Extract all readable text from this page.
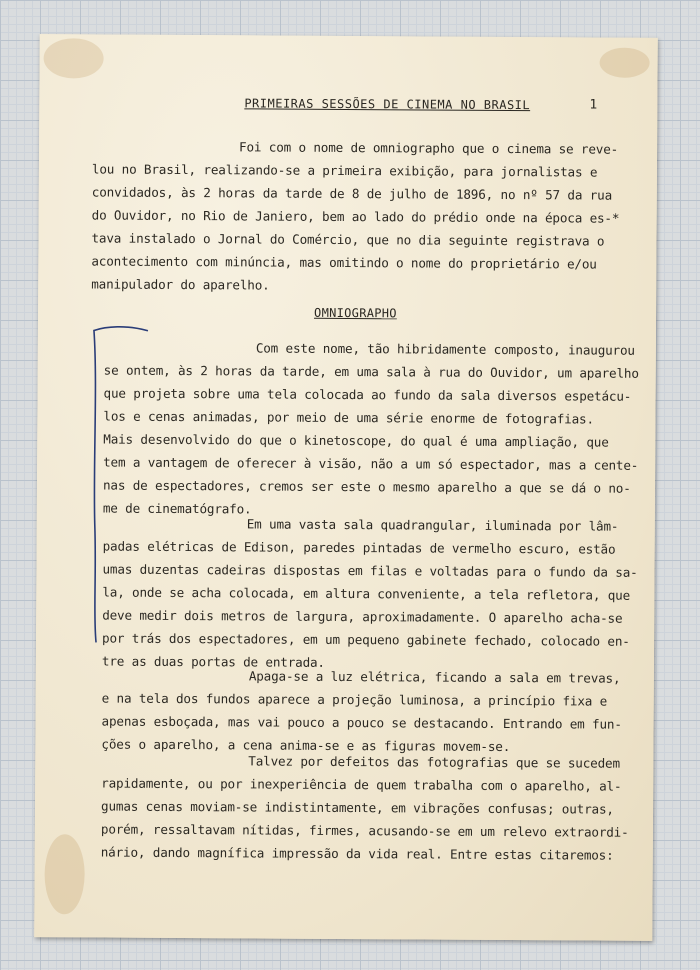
PRIMEIRAS SESSÕES DE CINEMA NO BRASIL	1
Foi com o nome de omniographo que o cinema se reve-
lou no Brasil, realizando-se a primeira exibição, para jornalistas e
convidados, às 2 horas da tarde de 8 de julho de 1896, no nº 57 da rua
do Ouvidor, no Rio de Janiero, bem ao lado do prédio onde na época es-*
tava instalado o Jornal do Comércio, que no dia seguinte registrava o
acontecimento com minúncia, mas omitindo o nome do proprietário e/ou
manipulador do aparelho.
OMNIOGRAPHO
Com este nome, tão hibridamente composto, inaugurou
se ontem, às 2 horas da tarde, em uma sala à rua do Ouvidor, um aparelho
que projeta sobre uma tela colocada ao fundo da sala diversos espetácu-
los e cenas animadas, por meio de uma série enorme de fotografias.
Mais desenvolvido do que o kinetoscope, do qual é uma ampliação, que
tem a vantagem de oferecer à visão, não a um só espectador, mas a cente-
nas de espectadores, cremos ser este o mesmo aparelho a que se dá o no-
me de cinematógrafo.
Em uma vasta sala quadrangular, iluminada por lâm-
padas elétricas de Edison, paredes pintadas de vermelho escuro, estão
umas duzentas cadeiras dispostas em filas e voltadas para o fundo da sa-
la, onde se acha colocada, em altura conveniente, a tela refletora, que
deve medir dois metros de largura, aproximadamente. O aparelho acha-se
por trás dos espectadores, em um pequeno gabinete fechado, colocado en-
tre as duas portas de entrada.
Apaga-se a luz elétrica, ficando a sala em trevas,
e na tela dos fundos aparece a projeção luminosa, a princípio fixa e
apenas esboçada, mas vai pouco a pouco se destacando. Entrando em fun-
ções o aparelho, a cena anima-se e as figuras movem-se.
Talvez por defeitos das fotografias que se sucedem
rapidamente, ou por inexperiência de quem trabalha com o aparelho, al-
gumas cenas moviam-se indistintamente, em vibrações confusas; outras,
porém, ressaltavam nítidas, firmes, acusando-se em um relevo extraordi-
nário, dando magnífica impressão da vida real. Entre estas citaremos:
